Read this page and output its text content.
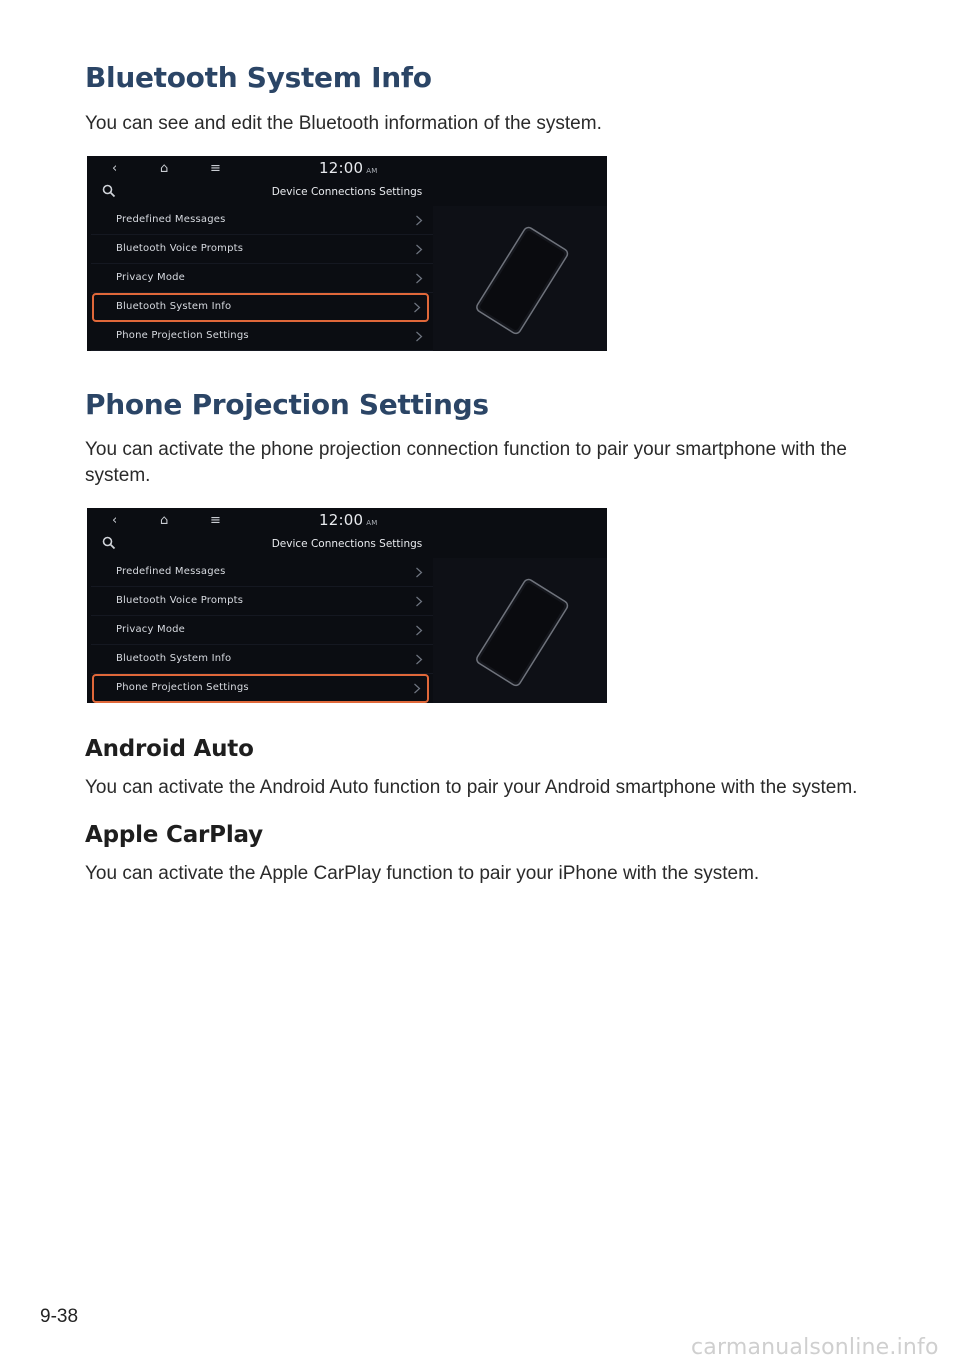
Bluetooth System Info

You can see and edit the Bluetooth information of the system.

‹	⌂	≡	12:00 AM
Device Connections Settings
Predefined Messages
Bluetooth Voice Prompts
Privacy Mode
Bluetooth System Info
Phone Projection Settings
Phone Projection Settings

You can activate the phone projection connection function to pair your smartphone with the system.

‹	⌂	≡	12:00 AM
Device Connections Settings
Predefined Messages
Bluetooth Voice Prompts
Privacy Mode
Bluetooth System Info
Phone Projection Settings
Android Auto

You can activate the Android Auto function to pair your Android smartphone with the system.

Apple CarPlay

You can activate the Apple CarPlay function to pair your iPhone with the system.

9-38
carmanualsonline.info
